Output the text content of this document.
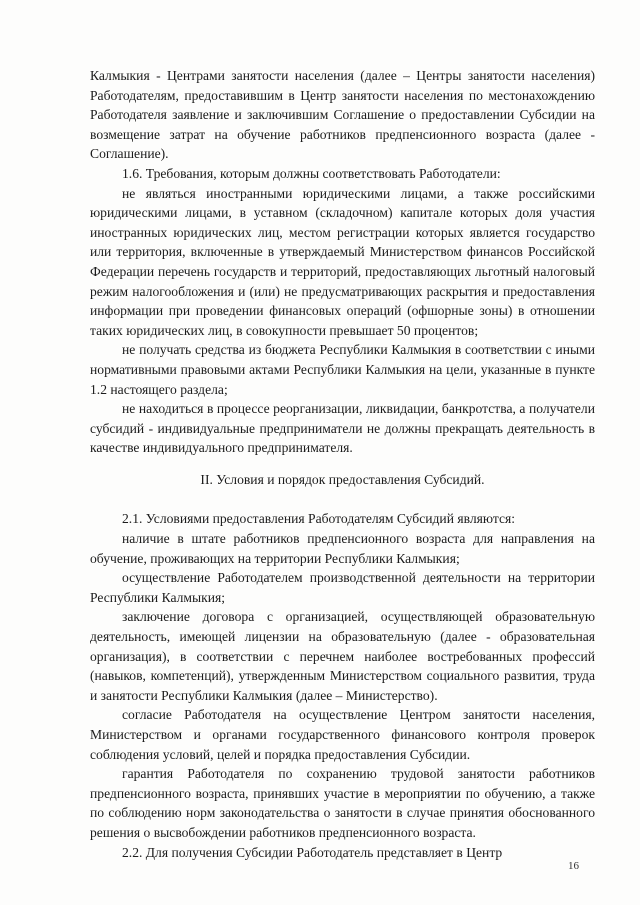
Калмыкия - Центрами занятости населения (далее – Центры занятости населения) Работодателям, предоставившим в Центр занятости населения по местонахождению Работодателя заявление и заключившим Соглашение о предоставлении Субсидии на возмещение затрат на обучение работников предпенсионного возраста (далее - Соглашение).

1.6. Требования, которым должны соответствовать Работодатели:

не являться иностранными юридическими лицами, а также российскими юридическими лицами, в уставном (складочном) капитале которых доля участия иностранных юридических лиц, местом регистрации которых является государство или территория, включенные в утверждаемый Министерством финансов Российской Федерации перечень государств и территорий, предоставляющих льготный налоговый режим налогообложения и (или) не предусматривающих раскрытия и предоставления информации при проведении финансовых операций (офшорные зоны) в отношении таких юридических лиц, в совокупности превышает 50 процентов;

не получать средства из бюджета Республики Калмыкия в соответствии с иными нормативными правовыми актами Республики Калмыкия на цели, указанные в пункте 1.2 настоящего раздела;

не находиться в процессе реорганизации, ликвидации, банкротства, а получатели субсидий - индивидуальные предприниматели не должны прекращать деятельность в качестве индивидуального предпринимателя.

II. Условия и порядок предоставления Субсидий.

2.1. Условиями предоставления Работодателям Субсидий являются:

наличие в штате работников предпенсионного возраста для направления на обучение, проживающих на территории Республики Калмыкия;

осуществление Работодателем производственной деятельности на территории Республики Калмыкия;

заключение договора с организацией, осуществляющей образовательную деятельность, имеющей лицензии на образовательную (далее - образовательная организация), в соответствии с перечнем наиболее востребованных профессий (навыков, компетенций), утвержденным Министерством социального развития, труда и занятости Республики Калмыкия (далее – Министерство).

согласие Работодателя на осуществление Центром занятости населения, Министерством и органами государственного финансового контроля проверок соблюдения условий, целей и порядка предоставления Субсидии.

гарантия Работодателя по сохранению трудовой занятости работников предпенсионного возраста, принявших участие в мероприятии по обучению, а также по соблюдению норм законодательства о занятости в случае принятия обоснованного решения о высвобождении работников предпенсионного возраста.

2.2. Для получения Субсидии Работодатель представляет в Центр

16
